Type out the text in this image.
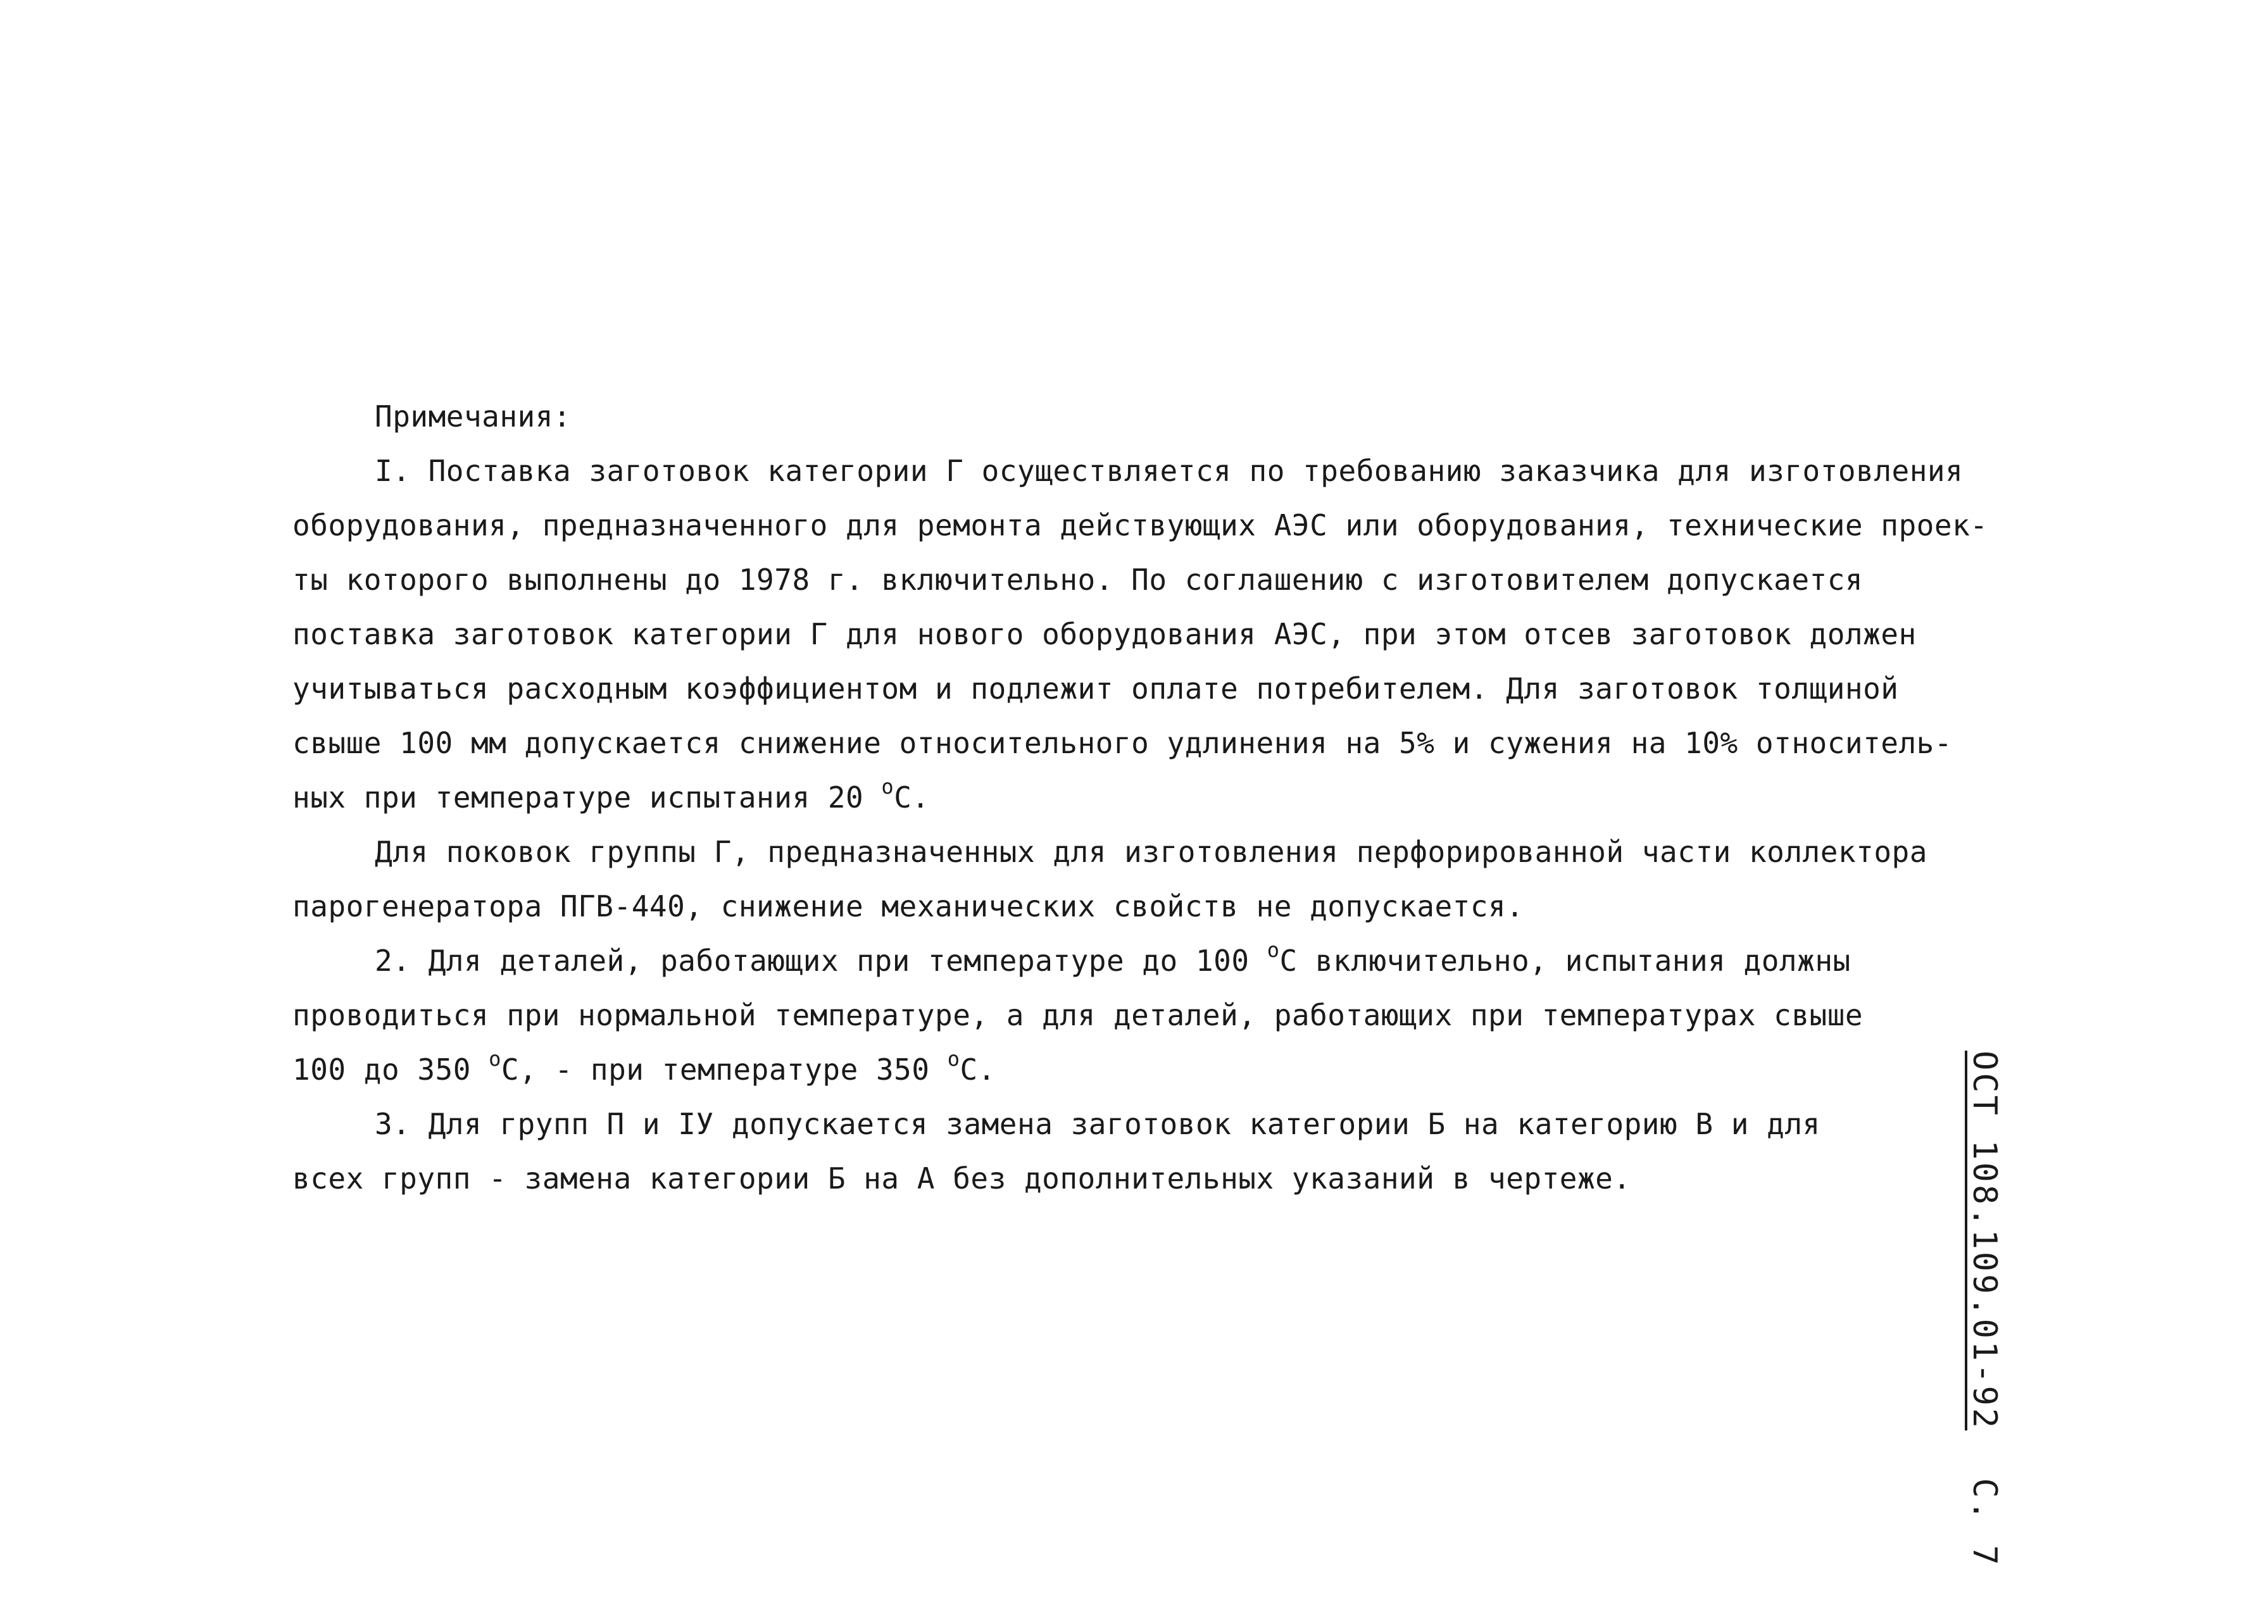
Примечания:

I. Поставка заготовок категории Г осуществляется по требованию заказчика для изготовления

оборудования, предназначенного для ремонта действующих АЭС или оборудования, технические проек-

ты которого выполнены до 1978 г. включительно. По соглашению с изготовителем допускается

поставка заготовок категории Г для нового оборудования АЭС, при этом отсев заготовок должен

учитываться расходным коэффициентом и подлежит оплате потребителем. Для заготовок толщиной

свыше 100 мм допускается снижение относительного удлинения на 5% и сужения на 10% относитель-

ных при температуре испытания 20 $^o$С.

Для поковок группы Г, предназначенных для изготовления перфорированной части коллектора

парогенератора ПГВ-440, снижение механических свойств не допускается.

2. Для деталей, работающих при температуре до 100 $^o$С включительно, испытания должны

проводиться при нормальной температуре, а для деталей, работающих при температурах свыше

100 до 350 $^o$С, - при температуре 350 $^o$С.

3. Для групп П и IУ допускается замена заготовок категории Б на категорию В и для

всех групп - замена категории Б на А без дополнительных указаний в чертеже.	ОСТ 108.109.01-92 С. 7
